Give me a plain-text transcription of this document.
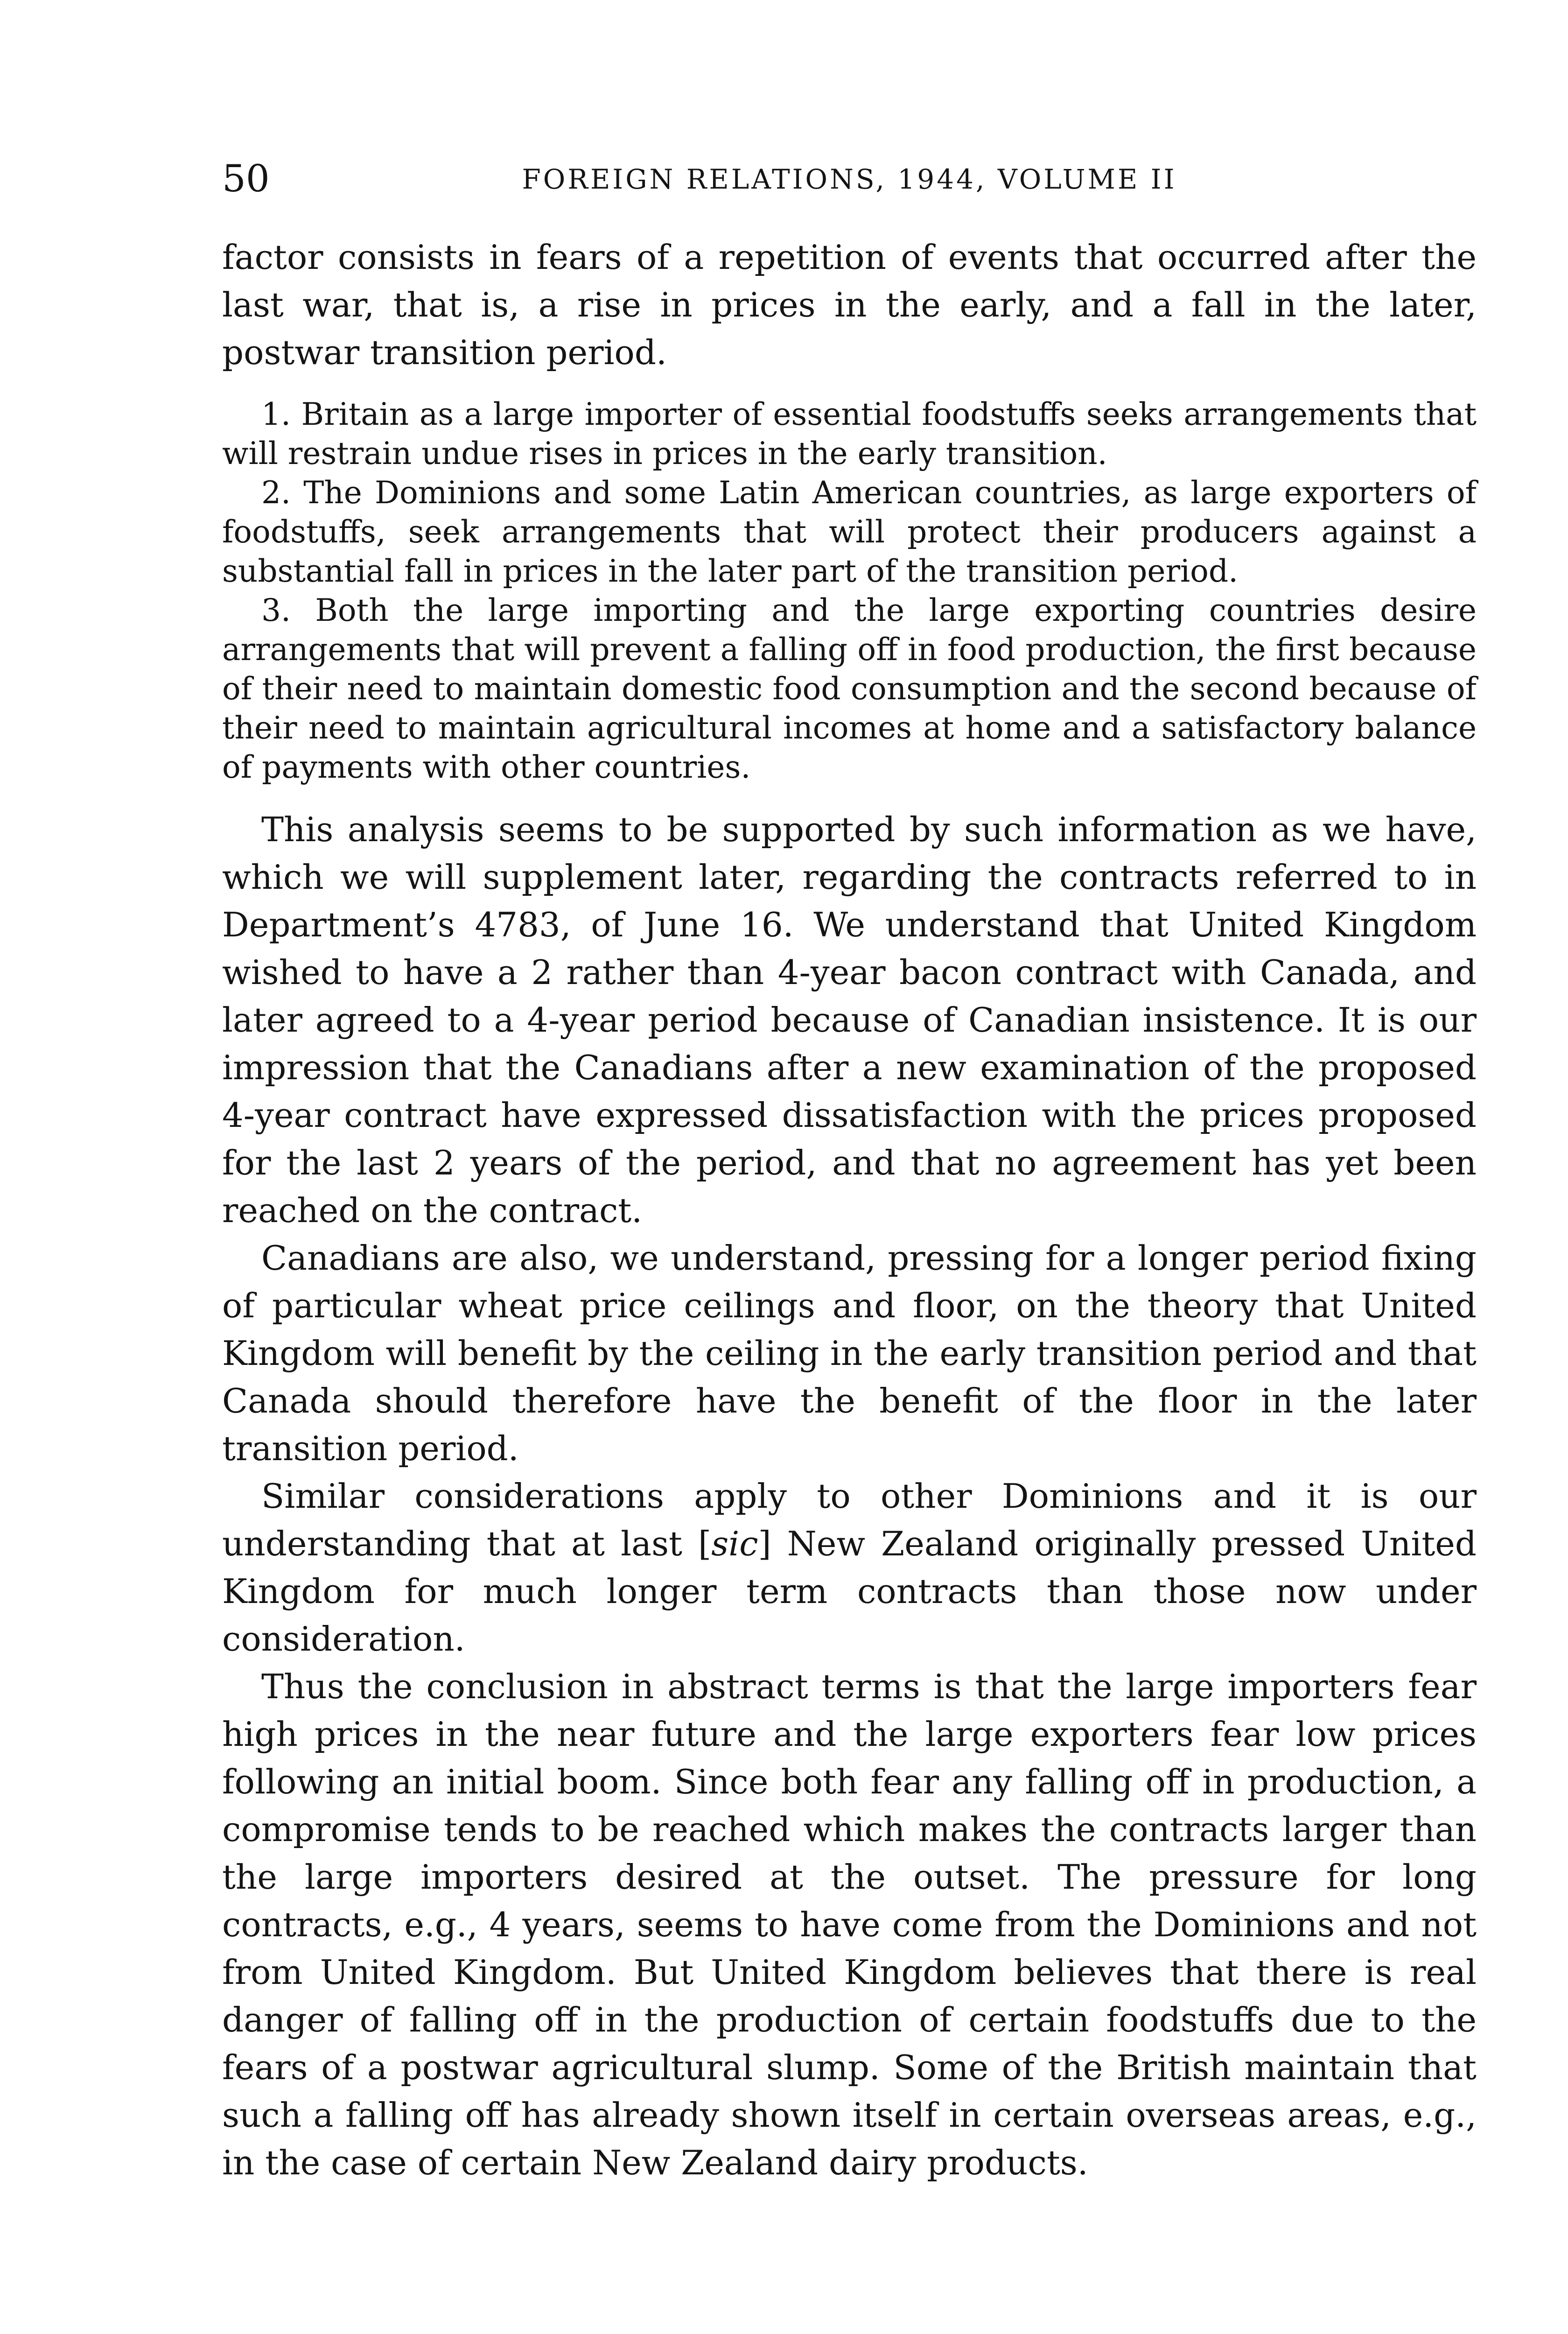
50	FOREIGN RELATIONS, 1944, VOLUME II

factor consists in fears of a repetition of events that occurred after the last war, that is, a rise in prices in the early, and a fall in the later, postwar transition period.

1. Britain as a large importer of essential foodstuffs seeks arrangements that will restrain undue rises in prices in the early transition.

2. The Dominions and some Latin American countries, as large exporters of foodstuffs, seek arrangements that will protect their producers against a substantial fall in prices in the later part of the transition period.

3. Both the large importing and the large exporting countries desire arrangements that will prevent a falling off in food production, the first because of their need to maintain domestic food consumption and the second because of their need to maintain agricultural incomes at home and a satisfactory balance of payments with other countries.

This analysis seems to be supported by such information as we have, which we will supplement later, regarding the contracts referred to in Department’s 4783, of June 16. We understand that United Kingdom wished to have a 2 rather than 4-year bacon contract with Canada, and later agreed to a 4-year period because of Canadian insistence. It is our impression that the Canadians after a new examination of the proposed 4-year contract have expressed dissatisfaction with the prices proposed for the last 2 years of the period, and that no agreement has yet been reached on the contract.

Canadians are also, we understand, pressing for a longer period fixing of particular wheat price ceilings and floor, on the theory that United Kingdom will benefit by the ceiling in the early transition period and that Canada should therefore have the benefit of the floor in the later transition period.

Similar considerations apply to other Dominions and it is our understanding that at last [sic] New Zealand originally pressed United Kingdom for much longer term contracts than those now under consideration.

Thus the conclusion in abstract terms is that the large importers fear high prices in the near future and the large exporters fear low prices following an initial boom. Since both fear any falling off in production, a compromise tends to be reached which makes the contracts larger than the large importers desired at the outset. The pressure for long contracts, e.g., 4 years, seems to have come from the Dominions and not from United Kingdom. But United Kingdom believes that there is real danger of falling off in the production of certain foodstuffs due to the fears of a postwar agricultural slump. Some of the British maintain that such a falling off has already shown itself in certain overseas areas, e.g., in the case of certain New Zealand dairy products.
